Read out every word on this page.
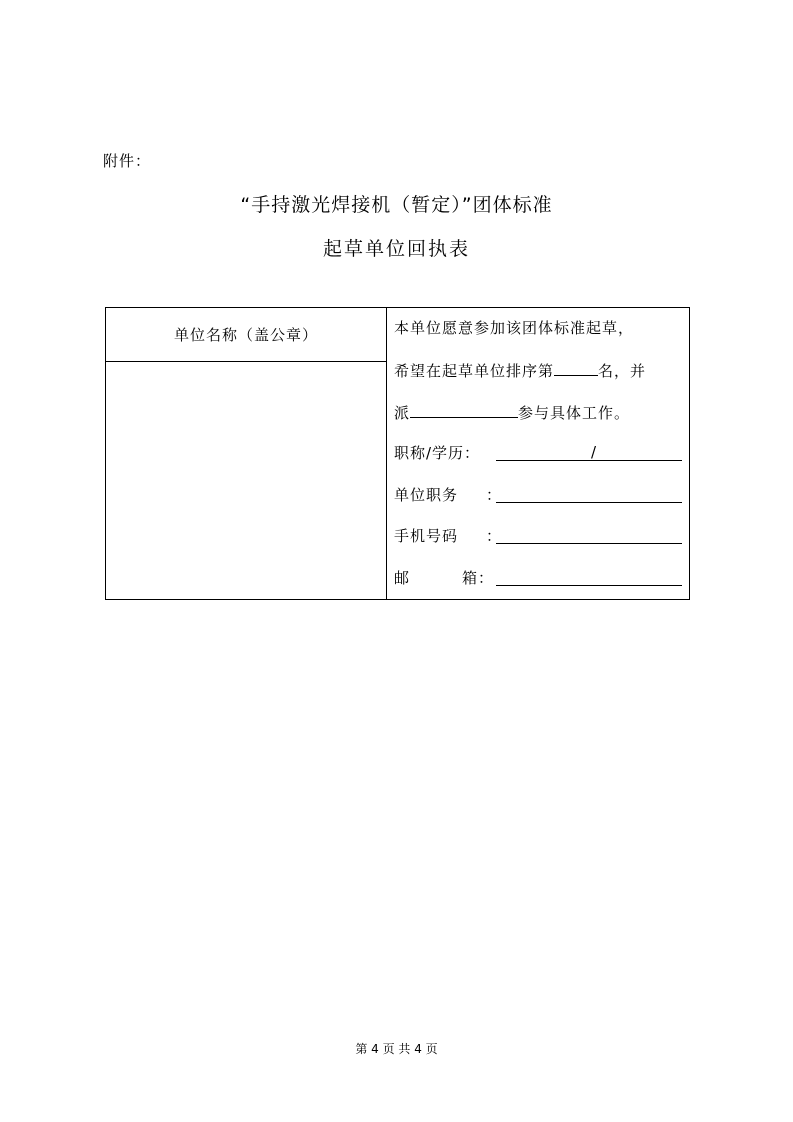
附件：
“手持激光焊接机（暂定）”团体标准
起草单位回执表
单位名称（盖公章）	本单位愿意参加该团体标准起草，
希望在起草单位排序第	名，并
派	参与具体工作。
职称/学历：	/
单位职务 ：
手机号码 ：
邮	箱：
第 4 页 共 4 页
